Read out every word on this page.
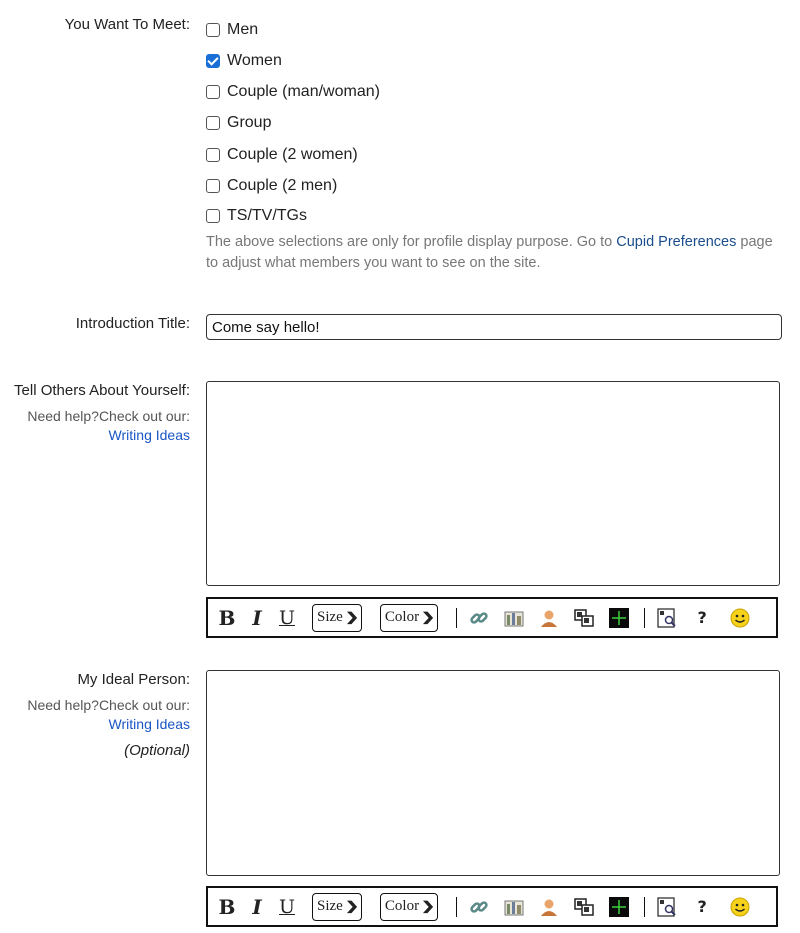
You Want To Meet: Men
Women
Couple (man/woman)
Group
Couple (2 women)
Couple (2 men)
TS/TV/TGs
The above selections are only for profile display purpose. Go to Cupid Preferences page to adjust what members you want to see on the site.
Introduction Title:
Come say hello!
Tell Others About Yourself:
Need help?Check out our:
Writing Ideas
B I U Size ❯ Color ❯	?
My Ideal Person:
Need help?Check out our:
Writing Ideas
(Optional)
B I U Size ❯ Color ❯	?
